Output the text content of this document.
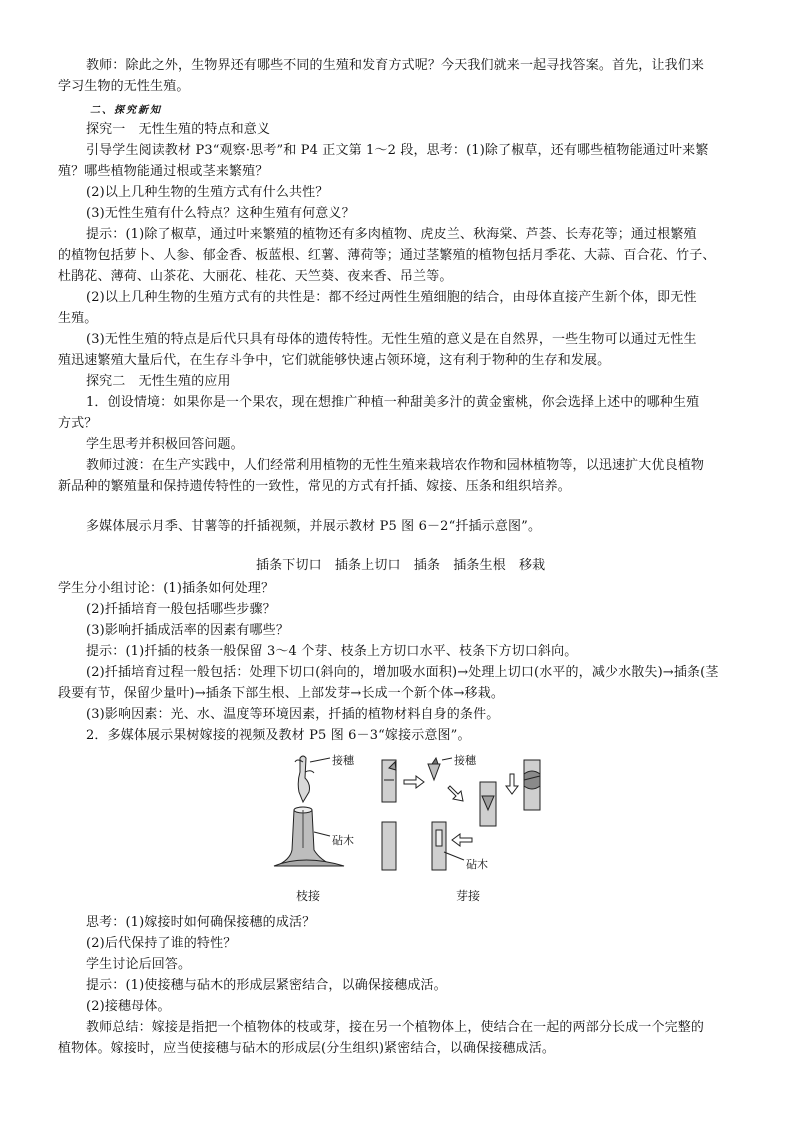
教师：除此之外，生物界还有哪些不同的生殖和发育方式呢？今天我们就来一起寻找答案。首先，让我们来
学习生物的无性生殖。
二、探究新知
探究一　无性生殖的特点和意义
引导学生阅读教材 P3“观察·思考”和 P4 正文第 1～2 段，思考：(1)除了椒草，还有哪些植物能通过叶来繁
殖？哪些植物能通过根或茎来繁殖？
(2)以上几种生物的生殖方式有什么共性？
(3)无性生殖有什么特点？这种生殖有何意义？
提示：(1)除了椒草，通过叶来繁殖的植物还有多肉植物、虎皮兰、秋海棠、芦荟、长寿花等；通过根繁殖
的植物包括萝卜、人参、郁金香、板蓝根、红薯、薄荷等；通过茎繁殖的植物包括月季花、大蒜、百合花、竹子、
杜鹃花、薄荷、山茶花、大丽花、桂花、天竺葵、夜来香、吊兰等。
(2)以上几种生物的生殖方式有的共性是：都不经过两性生殖细胞的结合，由母体直接产生新个体，即无性
生殖。
(3)无性生殖的特点是后代只具有母体的遗传特性。无性生殖的意义是在自然界，一些生物可以通过无性生
殖迅速繁殖大量后代，在生存斗争中，它们就能够快速占领环境，这有利于物种的生存和发展。
探究二　无性生殖的应用
1．创设情境：如果你是一个果农，现在想推广种植一种甜美多汁的黄金蜜桃，你会选择上述中的哪种生殖
方式？
学生思考并积极回答问题。
教师过渡：在生产实践中，人们经常利用植物的无性生殖来栽培农作物和园林植物等，以迅速扩大优良植物
新品种的繁殖量和保持遗传特性的一致性，常见的方式有扦插、嫁接、压条和组织培养。
多媒体展示月季、甘薯等的扦插视频，并展示教材 P5 图 6－2“扦插示意图”。
插条下切口　插条上切口　插条　插条生根　移栽
学生分小组讨论：(1)插条如何处理？
(2)扦插培育一般包括哪些步骤？
(3)影响扦插成活率的因素有哪些？
提示：(1)扦插的枝条一般保留 3～4 个芽、枝条上方切口水平、枝条下方切口斜向。
(2)扦插培育过程一般包括：处理下切口(斜向的，增加吸水面积)→处理上切口(水平的，减少水散失)→插条(茎
段要有节，保留少量叶)→插条下部生根、上部发芽→长成一个新个体→移栽。
(3)影响因素：光、水、温度等环境因素，扦插的植物材料自身的条件。
2．多媒体展示果树嫁接的视频及教材 P5 图 6－3“嫁接示意图”。
接穗
砧木
接穗
砧木
枝接	芽接
思考：(1)嫁接时如何确保接穗的成活？
(2)后代保持了谁的特性？
学生讨论后回答。
提示：(1)使接穗与砧木的形成层紧密结合，以确保接穗成活。
(2)接穗母体。
教师总结：嫁接是指把一个植物体的枝或芽，接在另一个植物体上，使结合在一起的两部分长成一个完整的
植物体。嫁接时，应当使接穗与砧木的形成层(分生组织)紧密结合，以确保接穗成活。
